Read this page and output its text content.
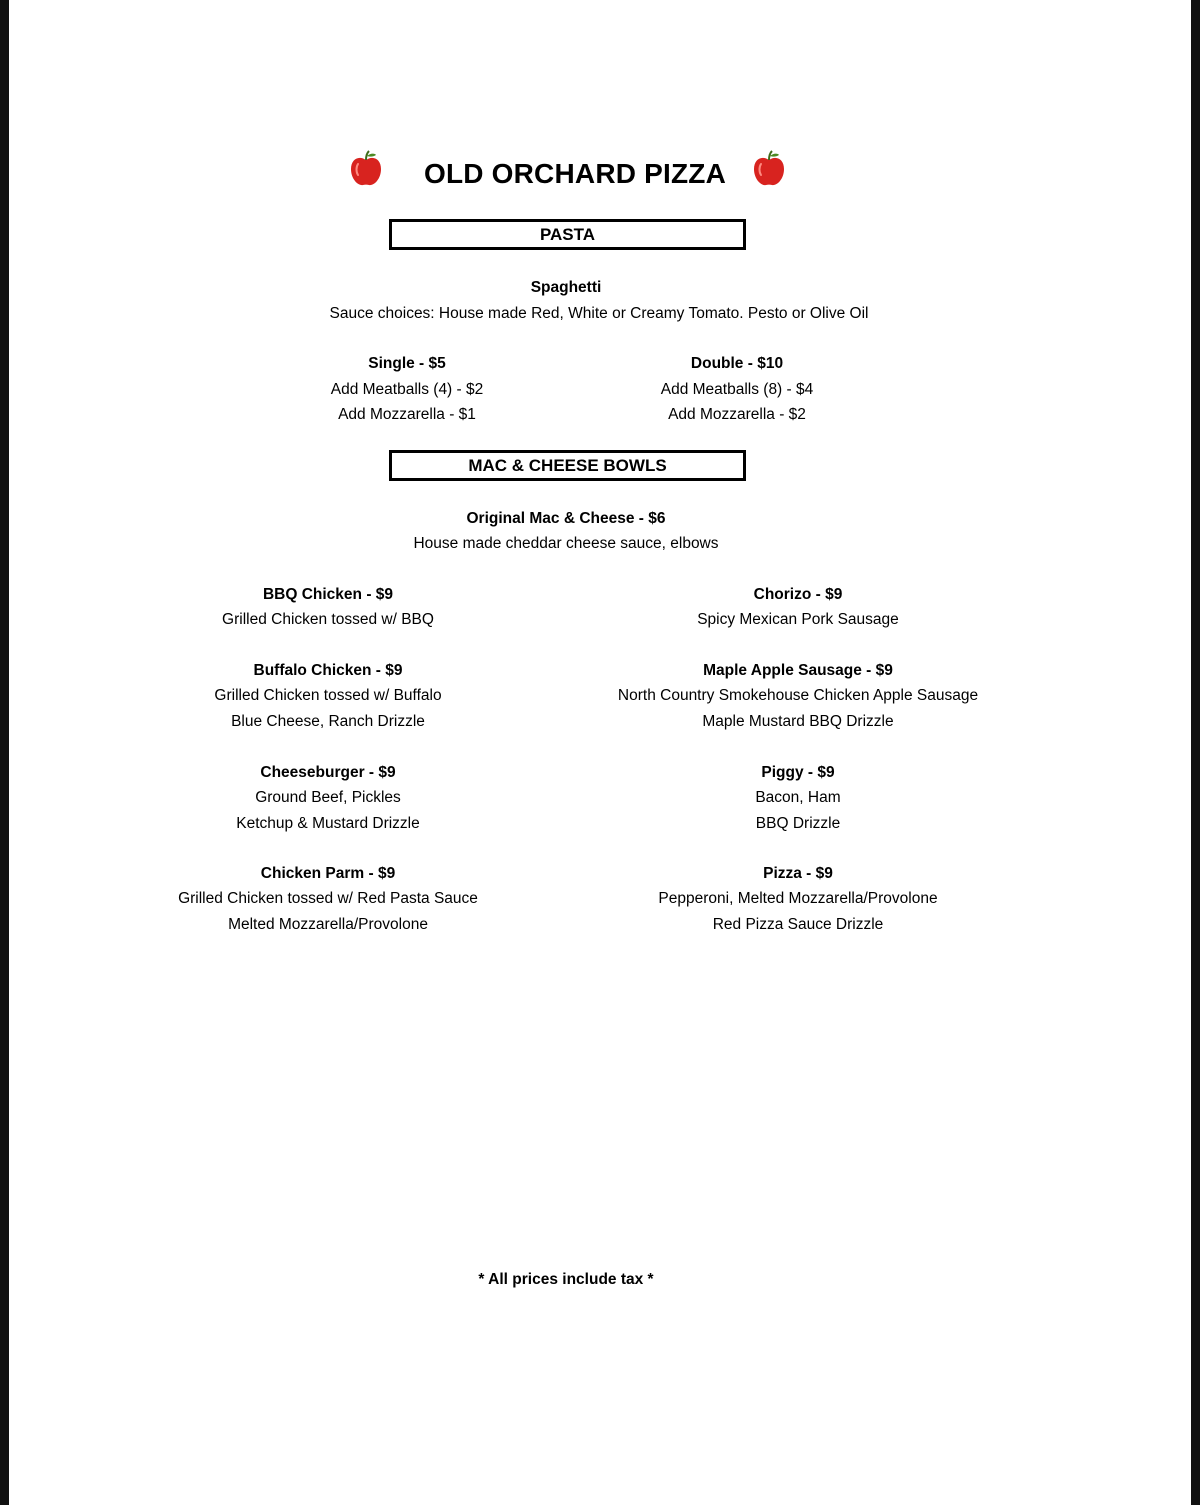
OLD ORCHARD PIZZA
PASTA
Spaghetti
Sauce choices: House made Red, White or Creamy Tomato. Pesto or Olive Oil
Single - $5
Add Meatballs (4) - $2
Add Mozzarella - $1
Double - $10
Add Meatballs (8) - $4
Add Mozzarella - $2
MAC & CHEESE BOWLS
Original Mac & Cheese - $6
House made cheddar cheese sauce, elbows
BBQ Chicken - $9
Grilled Chicken tossed w/ BBQ
Buffalo Chicken - $9
Grilled Chicken tossed w/ Buffalo
Blue Cheese, Ranch Drizzle
Cheeseburger - $9
Ground Beef, Pickles
Ketchup & Mustard Drizzle
Chicken Parm - $9
Grilled Chicken tossed w/ Red Pasta Sauce
Melted Mozzarella/Provolone
Chorizo - $9
Spicy Mexican Pork Sausage
Maple Apple Sausage - $9
North Country Smokehouse Chicken Apple Sausage
Maple Mustard BBQ Drizzle
Piggy - $9
Bacon, Ham
BBQ Drizzle
Pizza - $9
Pepperoni, Melted Mozzarella/Provolone
Red Pizza Sauce Drizzle
* All prices include tax *
